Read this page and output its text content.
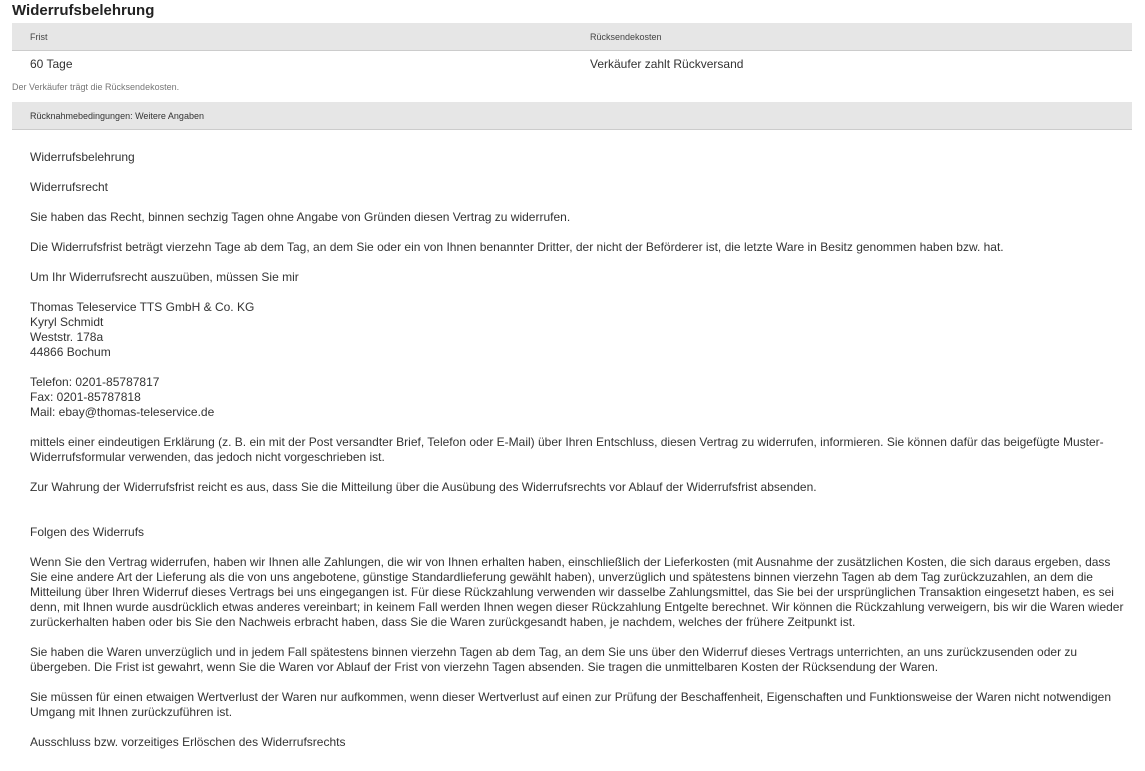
Widerrufsbelehrung
Frist	Rücksendekosten
60 Tage	Verkäufer zahlt Rückversand
Der Verkäufer trägt die Rücksendekosten.
Rücknahmebedingungen: Weitere Angaben

Widerrufsbelehrung

Widerrufsrecht

Sie haben das Recht, binnen sechzig Tagen ohne Angabe von Gründen diesen Vertrag zu widerrufen.

Die Widerrufsfrist beträgt vierzehn Tage ab dem Tag, an dem Sie oder ein von Ihnen benannter Dritter, der nicht der Beförderer ist, die letzte Ware in Besitz genommen haben bzw. hat.

Um Ihr Widerrufsrecht auszuüben, müssen Sie mir

Thomas Teleservice TTS GmbH & Co. KG
Kyryl Schmidt
Weststr. 178a
44866 Bochum

Telefon: 0201-85787817
Fax: 0201-85787818
Mail: ebay@thomas-teleservice.de

mittels einer eindeutigen Erklärung (z. B. ein mit der Post versandter Brief, Telefon oder E-Mail) über Ihren Entschluss, diesen Vertrag zu widerrufen, informieren. Sie können dafür das beigefügte Muster-Widerrufsformular verwenden, das jedoch nicht vorgeschrieben ist.

Zur Wahrung der Widerrufsfrist reicht es aus, dass Sie die Mitteilung über die Ausübung des Widerrufsrechts vor Ablauf der Widerrufsfrist absenden.

Folgen des Widerrufs

Wenn Sie den Vertrag widerrufen, haben wir Ihnen alle Zahlungen, die wir von Ihnen erhalten haben, einschließlich der Lieferkosten (mit Ausnahme der zusätzlichen Kosten, die sich daraus ergeben, dass Sie eine andere Art der Lieferung als die von uns angebotene, günstige Standardlieferung gewählt haben), unverzüglich und spätestens binnen vierzehn Tagen ab dem Tag zurückzuzahlen, an dem die Mitteilung über Ihren Widerruf dieses Vertrags bei uns eingegangen ist. Für diese Rückzahlung verwenden wir dasselbe Zahlungsmittel, das Sie bei der ursprünglichen Transaktion eingesetzt haben, es sei denn, mit Ihnen wurde ausdrücklich etwas anderes vereinbart; in keinem Fall werden Ihnen wegen dieser Rückzahlung Entgelte berechnet. Wir können die Rückzahlung verweigern, bis wir die Waren wieder zurückerhalten haben oder bis Sie den Nachweis erbracht haben, dass Sie die Waren zurückgesandt haben, je nachdem, welches der frühere Zeitpunkt ist.

Sie haben die Waren unverzüglich und in jedem Fall spätestens binnen vierzehn Tagen ab dem Tag, an dem Sie uns über den Widerruf dieses Vertrags unterrichten, an uns zurückzusenden oder zu übergeben. Die Frist ist gewahrt, wenn Sie die Waren vor Ablauf der Frist von vierzehn Tagen absenden. Sie tragen die unmittelbaren Kosten der Rücksendung der Waren.

Sie müssen für einen etwaigen Wertverlust der Waren nur aufkommen, wenn dieser Wertverlust auf einen zur Prüfung der Beschaffenheit, Eigenschaften und Funktionsweise der Waren nicht notwendigen Umgang mit Ihnen zurückzuführen ist.

Ausschluss bzw. vorzeitiges Erlöschen des Widerrufsrechts
